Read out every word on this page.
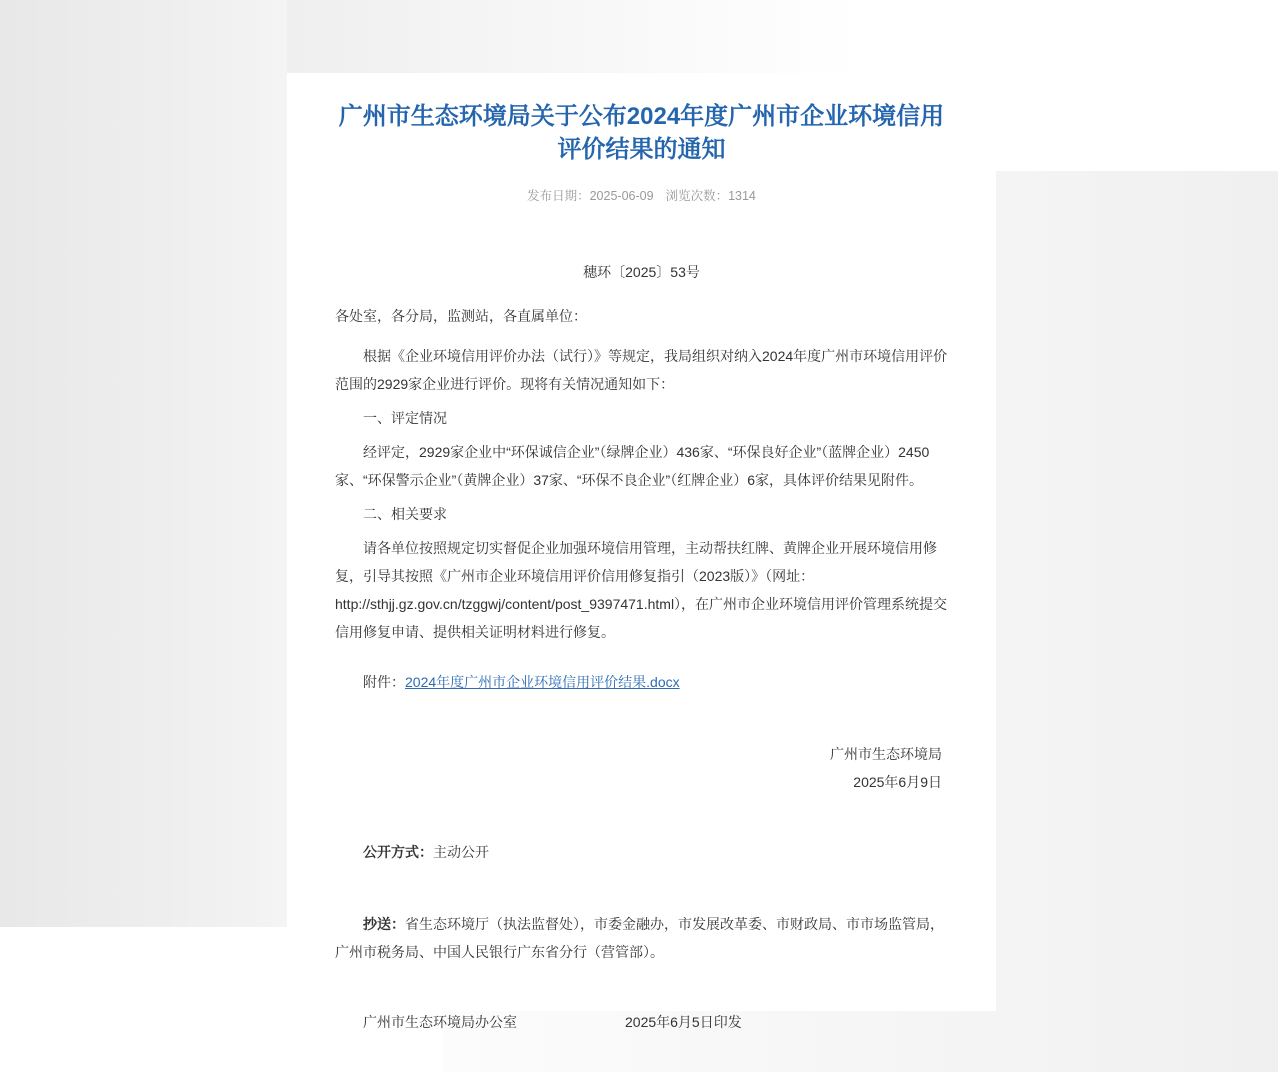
广州市生态环境局关于公布2024年度广州市企业环境信用评价结果的通知
发布日期：2025-06-09 浏览次数：1314
穗环〔2025〕53号

各处室，各分局，监测站，各直属单位：

根据《企业环境信用评价办法（试行）》等规定，我局组织对纳入2024年度广州市环境信用评价范围的2929家企业进行评价。现将有关情况通知如下：

一、评定情况

经评定，2929家企业中“环保诚信企业”（绿牌企业）436家、“环保良好企业”（蓝牌企业）2450家、“环保警示企业”（黄牌企业）37家、“环保不良企业”（红牌企业）6家，具体评价结果见附件。

二、相关要求

请各单位按照规定切实督促企业加强环境信用管理，主动帮扶红牌、黄牌企业开展环境信用修复，引导其按照《广州市企业环境信用评价信用修复指引（2023版）》（网址：http://sthjj.gz.gov.cn/tzggwj/content/post_9397471.html），在广州市企业环境信用评价管理系统提交信用修复申请、提供相关证明材料进行修复。

附件：2024年度广州市企业环境信用评价结果.docx

广州市生态环境局
2025年6月9日

公开方式：主动公开

抄送：省生态环境厅（执法监督处），市委金融办，市发展改革委、市财政局、市市场监管局，广州市税务局、中国人民银行广东省分行（营管部）。

广州市生态环境局办公室	2025年6月5日印发
